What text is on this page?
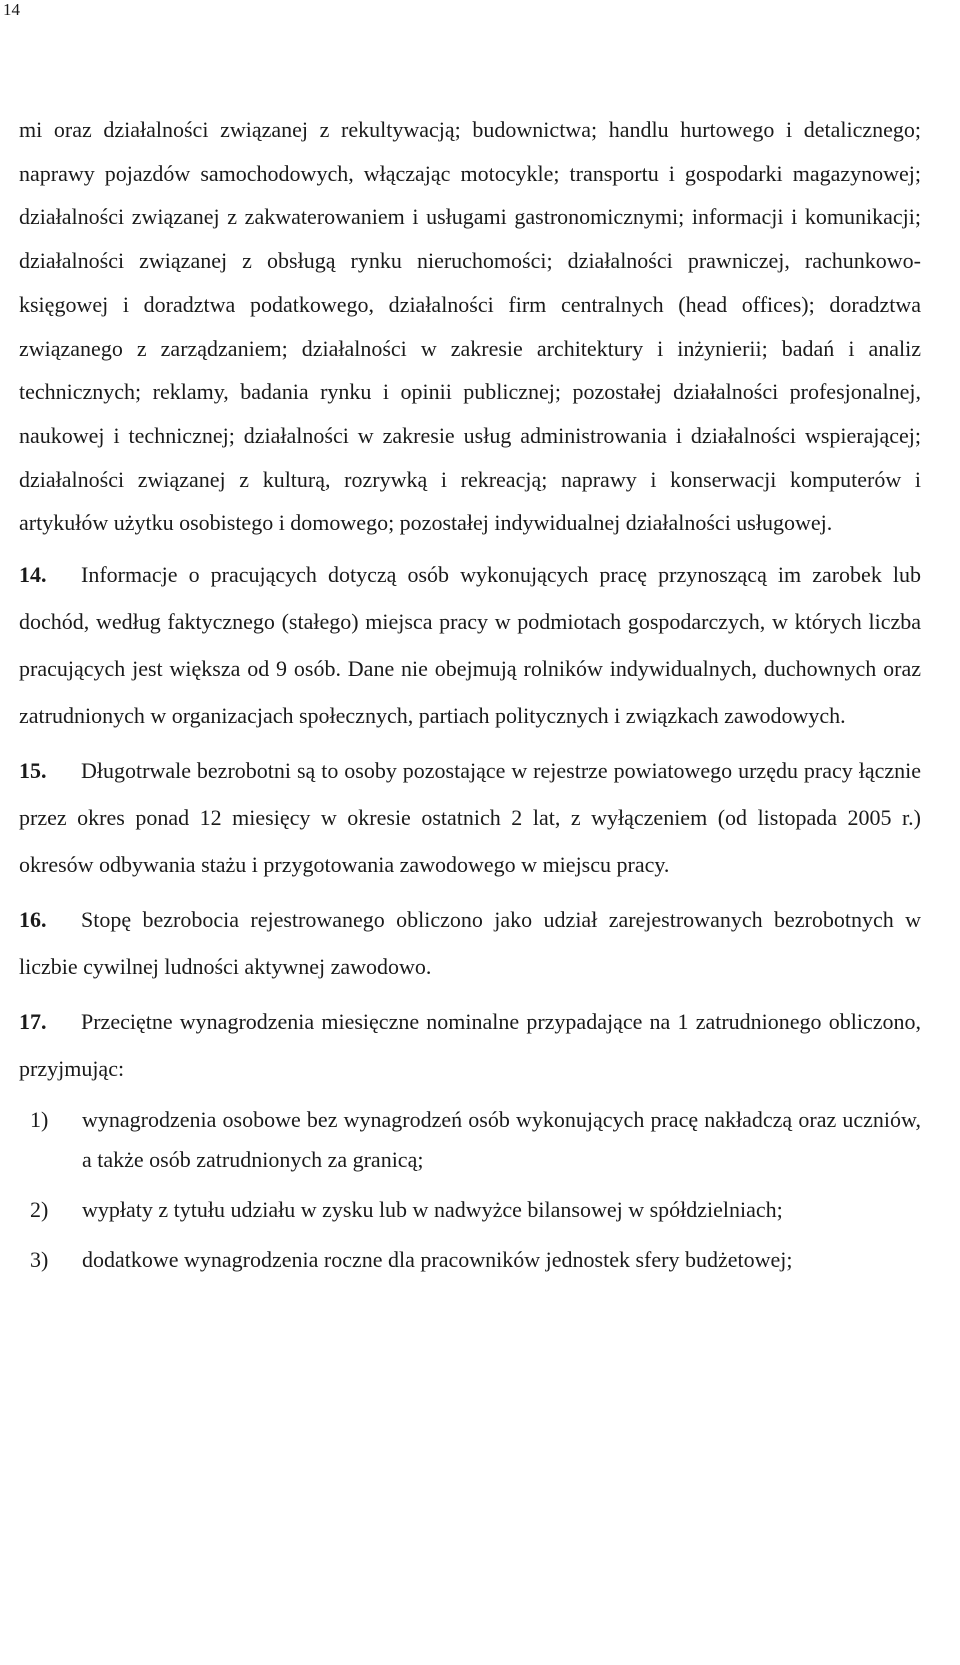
14

mi oraz działalności związanej z rekultywacją; budownictwa; handlu hurtowego i detalicznego; naprawy pojazdów samochodowych, włączając motocykle; transportu i gospodarki magazynowej; działalności związanej z zakwaterowaniem i usługami gastronomicznymi; informacji i komunikacji; działalności związanej z obsługą rynku nieruchomości; działalności prawniczej, rachunkowo-księgowej i doradztwa podatkowego, działalności firm centralnych (head offices); doradztwa związanego z zarządzaniem; działalności w zakresie architektury i inżynierii; badań i analiz technicznych; reklamy, badania rynku i opinii publicznej; pozostałej działalności profesjonalnej, naukowej i technicznej; działalności w zakresie usług administrowania i działalności wspierającej; działalności związanej z kulturą, rozrywką i rekreacją; naprawy i konserwacji komputerów i artykułów użytku osobistego i domowego; pozostałej indywidualnej działalności usługowej.

14. Informacje o pracujących dotyczą osób wykonujących pracę przynoszącą im zarobek lub dochód, według faktycznego (stałego) miejsca pracy w podmiotach gospodarczych, w których liczba pracujących jest większa od 9 osób. Dane nie obejmują rolników indywidualnych, duchownych oraz zatrudnionych w organizacjach społecznych, partiach politycznych i związkach zawodowych.

15. Długotrwale bezrobotni są to osoby pozostające w rejestrze powiatowego urzędu pracy łącznie przez okres ponad 12 miesięcy w okresie ostatnich 2 lat, z wyłączeniem (od listopada 2005 r.) okresów odbywania stażu i przygotowania zawodowego w miejscu pracy.

16. Stopę bezrobocia rejestrowanego obliczono jako udział zarejestrowanych bezrobotnych w liczbie cywilnej ludności aktywnej zawodowo.

17. Przeciętne wynagrodzenia miesięczne nominalne przypadające na 1 zatrudnionego obliczono, przyjmując:

1) wynagrodzenia osobowe bez wynagrodzeń osób wykonujących pracę nakładczą oraz uczniów, a także osób zatrudnionych za granicą;
2) wypłaty z tytułu udziału w zysku lub w nadwyżce bilansowej w spółdzielniach;
3) dodatkowe wynagrodzenia roczne dla pracowników jednostek sfery budżetowej;
